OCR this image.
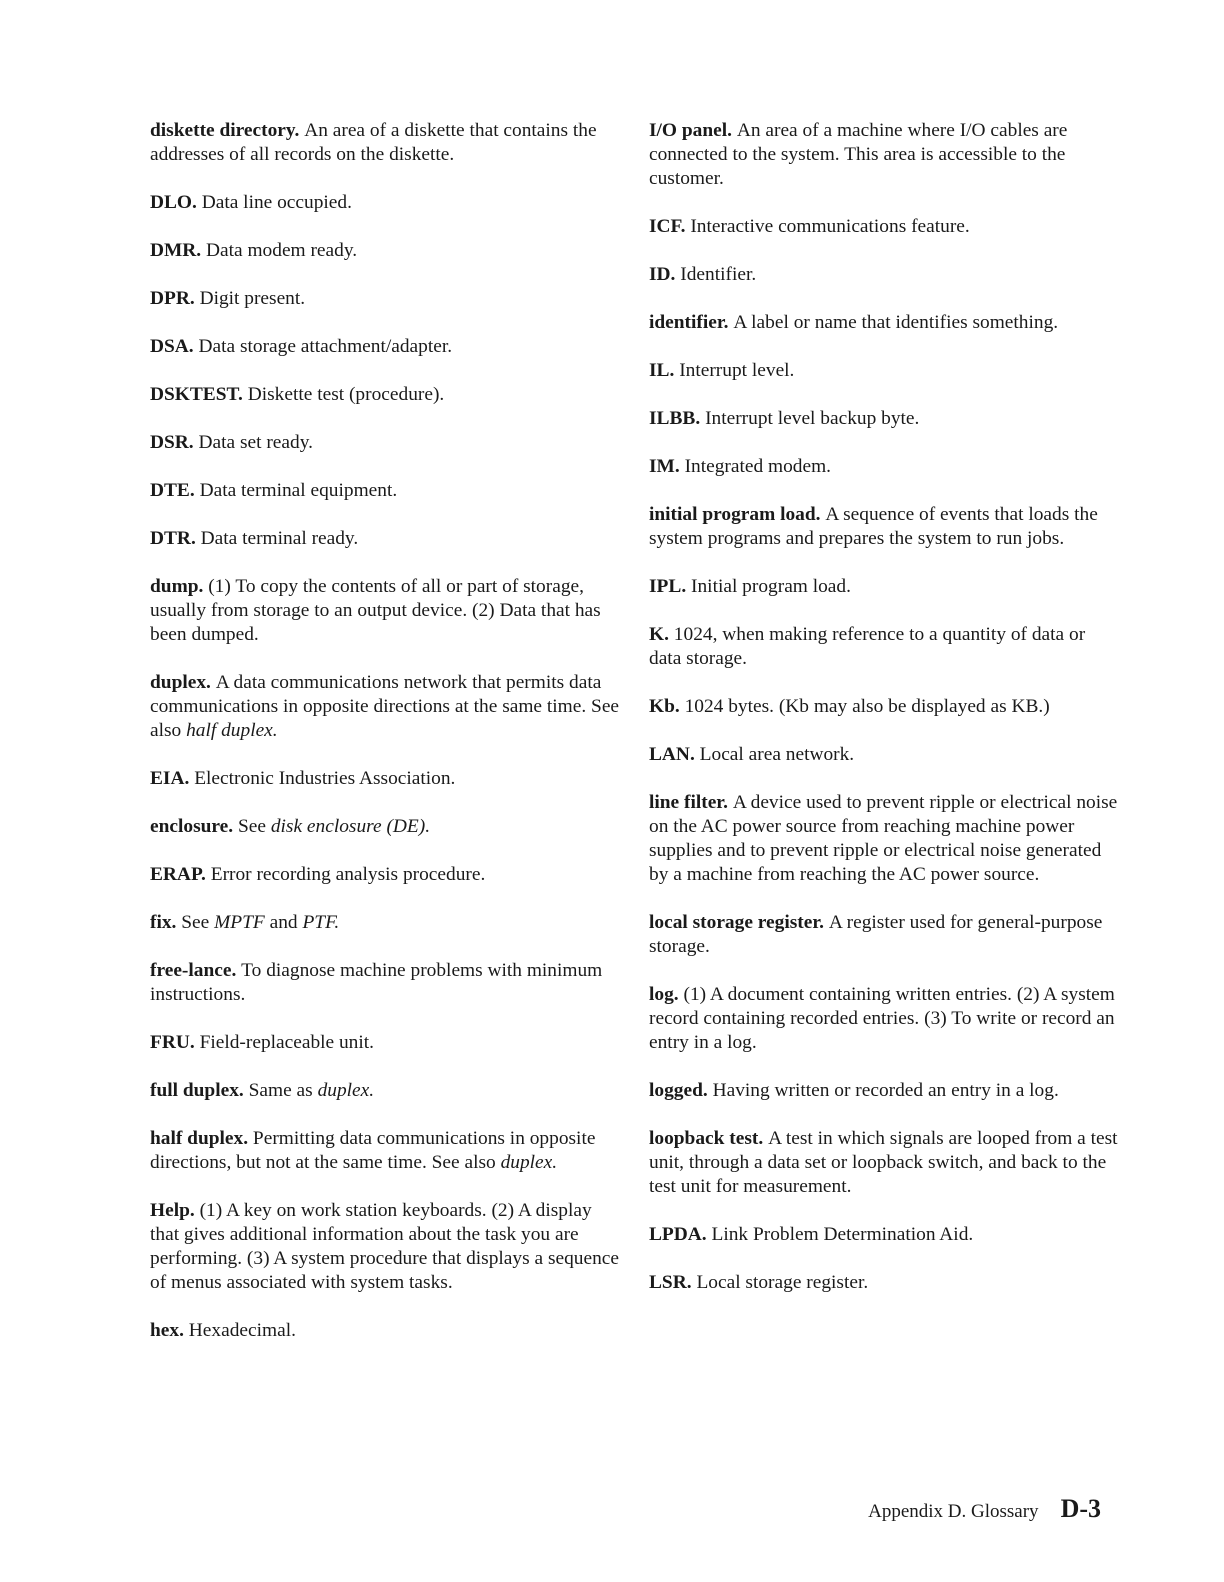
diskette directory. An area of a diskette that contains the addresses of all records on the diskette.

DLO. Data line occupied.

DMR. Data modem ready.

DPR. Digit present.

DSA. Data storage attachment/adapter.

DSKTEST. Diskette test (procedure).

DSR. Data set ready.

DTE. Data terminal equipment.

DTR. Data terminal ready.

dump. (1) To copy the contents of all or part of storage, usually from storage to an output device. (2) Data that has been dumped.

duplex. A data communications network that permits data communications in opposite directions at the same time. See also half duplex.

EIA. Electronic Industries Association.

enclosure. See disk enclosure (DE).

ERAP. Error recording analysis procedure.

fix. See MPTF and PTF.

free-lance. To diagnose machine problems with minimum instructions.

FRU. Field-replaceable unit.

full duplex. Same as duplex.

half duplex. Permitting data communications in opposite directions, but not at the same time. See also duplex.

Help. (1) A key on work station keyboards. (2) A display that gives additional information about the task you are performing. (3) A system procedure that displays a sequence of menus associated with system tasks.

hex. Hexadecimal.

I/O panel. An area of a machine where I/O cables are connected to the system. This area is accessible to the customer.

ICF. Interactive communications feature.

ID. Identifier.

identifier. A label or name that identifies something.

IL. Interrupt level.

ILBB. Interrupt level backup byte.

IM. Integrated modem.

initial program load. A sequence of events that loads the system programs and prepares the system to run jobs.

IPL. Initial program load.

K. 1024, when making reference to a quantity of data or data storage.

Kb. 1024 bytes. (Kb may also be displayed as KB.)

LAN. Local area network.

line filter. A device used to prevent ripple or electrical noise on the AC power source from reaching machine power supplies and to prevent ripple or electrical noise generated by a machine from reaching the AC power source.

local storage register. A register used for general-purpose storage.

log. (1) A document containing written entries. (2) A system record containing recorded entries. (3) To write or record an entry in a log.

logged. Having written or recorded an entry in a log.

loopback test. A test in which signals are looped from a test unit, through a data set or loopback switch, and back to the test unit for measurement.

LPDA. Link Problem Determination Aid.

LSR. Local storage register.

Appendix D. Glossary D-3
